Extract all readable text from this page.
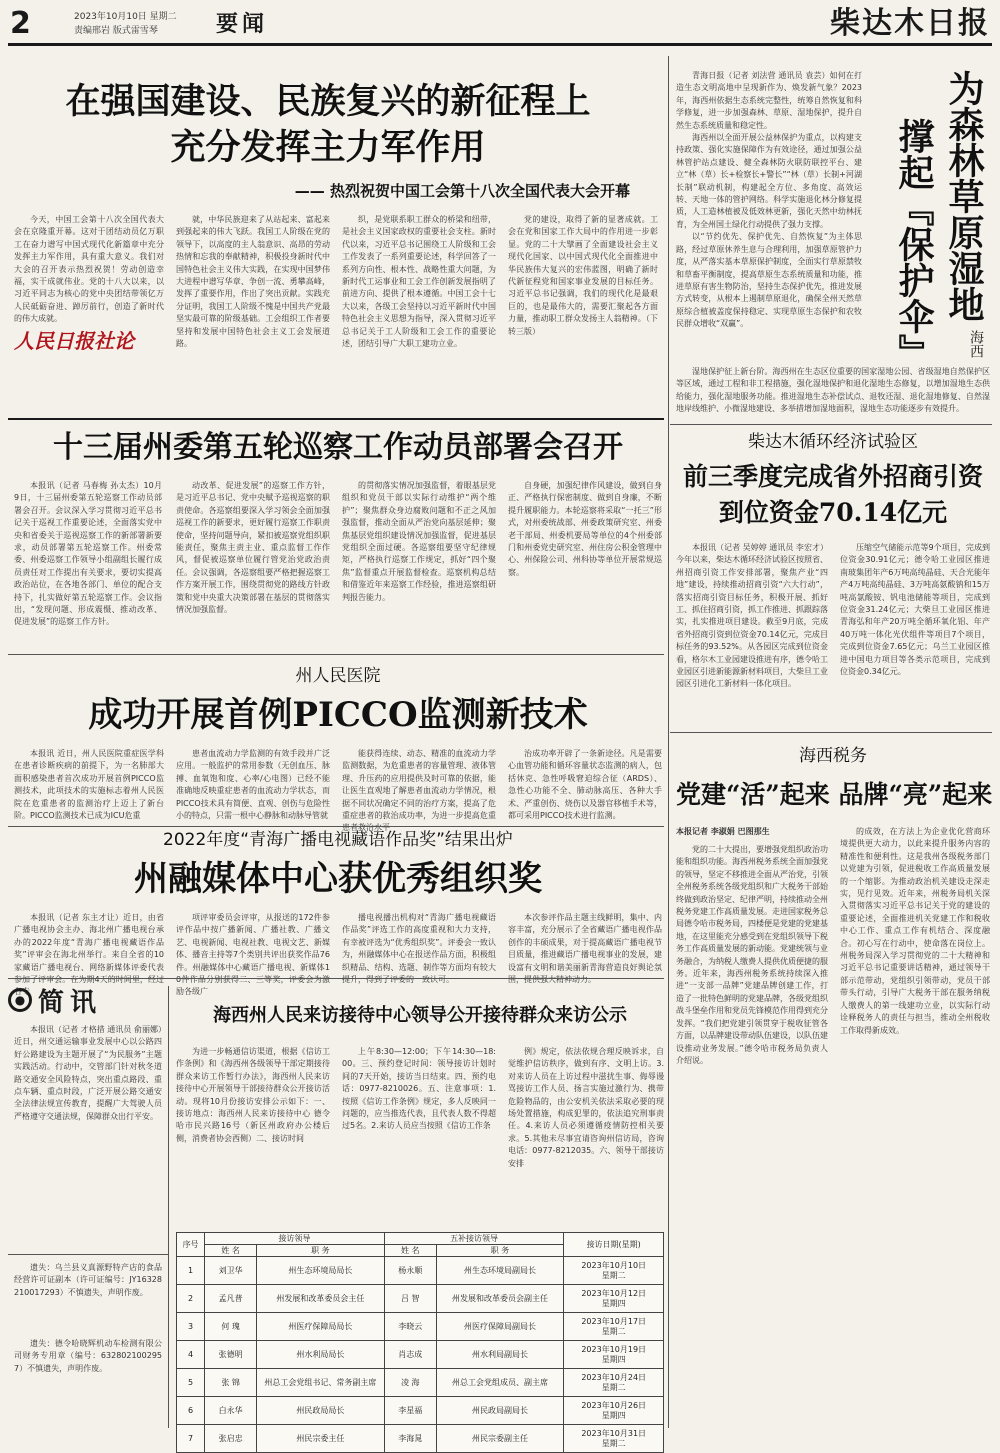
2	2023年10月10日 星期二
责编邢岩 版式雷雪琴	要闻	柴达木日报
在强国建设、民族复兴的新征程上
充分发挥主力军作用
—— 热烈祝贺中国工会第十八次全国代表大会开幕
今天，中国工会第十八次全国代表大会在京隆重开幕。这对于团结动员亿万职工在奋力谱写中国式现代化新篇章中充分发挥主力军作用，具有重大意义。我们对大会的召开表示热烈祝贺！劳动创造幸福，实干成就伟业。党的十八大以来，以习近平同志为核心的党中央团结带领亿万人民砥砺奋进、踔厉前行，创造了新时代的伟大成就。
人民日报社论
就，中华民族迎来了从站起来、富起来到强起来的伟大飞跃。我国工人阶级在党的领导下，以高度的主人翁意识、高昂的劳动热情和忘我的奉献精神，积极投身新时代中国特色社会主义伟大实践，在实现中国梦伟大进程中谱写华章、争创一流、勇攀高峰，发挥了重要作用，作出了突出贡献。实践充分证明，我国工人阶级不愧是中国共产党最坚实最可靠的阶级基础。工会组织工作者要坚持和发展中国特色社会主义工会发展道路。
织，是党联系职工群众的桥梁和纽带，是社会主义国家政权的重要社会支柱。新时代以来，习近平总书记围绕工人阶级和工会工作发表了一系列重要论述，科学回答了一系列方向性、根本性、战略性重大问题，为新时代工运事业和工会工作创新发展指明了前进方向、提供了根本遵循。中国工会十七大以来，各级工会坚持以习近平新时代中国特色社会主义思想为指导，深入贯彻习近平总书记关于工人阶级和工会工作的重要论述，团结引导广大职工建功立业。
党的建设，取得了新的显著成就。工会在党和国家工作大局中的作用进一步彰显。党的二十大擘画了全面建设社会主义现代化国家、以中国式现代化全面推进中华民族伟大复兴的宏伟蓝图，明确了新时代新征程党和国家事业发展的目标任务。习近平总书记强调，我们的现代化是最艰巨的，也是最伟大的，需要汇聚起各方面力量，推动职工群众发扬主人翁精神。（下转三版）
青海日报（记者 刘法营 通讯员 袁芸）如何在打造生态文明高地中呈现新作为、焕发新气象？2023年，海西州依据生态系统完整性，统筹自然恢复和科学修复，进一步加强森林、草原、湿地保护，提升自然生态系统质量和稳定性。
海西州以全面开展公益林保护为重点，以构建支持政策、强化实施保障作为有效途径，通过加强公益林管护站点建设、健全森林防火联防联控平台、建立“林（草）长+检察长+警长”“林（草）长制+河湖长制”联动机制，构建起全方位、多角度、高效运转、天地一体的管护网络。科学实施退化林分修复提质，人工造林植被及低效林更新，强化天然中幼林抚育，为全州国土绿化行动提供了强力支撑。
以“节约优先、保护优先、自然恢复”为主体思路，经过草原休养生息与合理利用，加强草原管护力度，从严落实基本草原保护制度，全面实行草原禁牧和草畜平衡制度，提高草原生态系统质量和功能，推进草原有害生物防治，坚持生态保护优先，推进发展方式转变，从根本上遏制草原退化，确保全州天然草原综合植被盖度保持稳定、实现草原生态保护和农牧民群众增收“双赢”。
为森林草原湿地
撑起『保护伞』 海西
湿地保护征上新台阶。海西州在生态区位重要的国家湿地公园、省级湿地自然保护区等区域，通过工程和非工程措施，强化湿地保护和退化湿地生态修复，以增加湿地生态供给能力，强化湿地服务功能。推进湿地生态补偿试点、退牧还湿、退化湿地修复、自然湿地岸线维护、小微湿地建设、多举措增加湿地面积，湿地生态功能逐步有效提升。
十三届州委第五轮巡察工作动员部署会召开
本报讯（记者 马春梅 孙太杰）10月9日，十三届州委第五轮巡察工作动员部署会召开。会议深入学习贯彻习近平总书记关于巡视工作重要论述，全面落实党中央和省委关于巡视巡察工作的新部署新要求，动员部署第五轮巡察工作。州委常委、州委巡察工作领导小组副组长履行成员责任对工作提出有关要求，要切实提高政治站位，在各地各部门、单位的配合支持下，扎实做好第五轮巡察工作。会议指出，“发现问题、形成震慑、推动改革、促进发展”的巡察工作方针。
动改革、促进发展”的巡察工作方针，是习近平总书记、党中央赋予巡视巡察的职责使命。各巡察组要深入学习领会全面加强巡视工作的新要求，更好履行巡察工作职责使命，坚持问题导向，紧扣被巡察党组织职能责任，聚焦主责主业、重点监督工作作风，督促被巡察单位履行管党治党政治责任。会议强调，各巡察组要严格把握巡察工作方案开展工作，围绕贯彻党的路线方针政策和党中央重大决策部署在基层的贯彻落实情况加强监督。
的贯彻落实情况加强监督，着眼基层党组织和党员干部以实际行动维护“两个维护”；聚焦群众身边腐败问题和不正之风加强监督，推动全面从严治党向基层延伸；聚焦基层党组织建设情况加强监督，促进基层党组织全面过硬。各巡察组要坚守纪律规矩，严格执行巡察工作规定，抓好“四个聚焦”监督重点开展监督检查。巡察机构总结和借鉴近年来巡察工作经验，推进巡察组研判报告能力。
自身硬，加强纪律作风建设，做到自身正、严格执行保密制度、做到自身廉，不断提升履职能力。本轮巡察将采取“一托三”形式，对州委统战部、州委政策研究室、州委老干部局、州委机要局等单位的4个州委部门和州委党史研究室、州住房公积金管理中心、州保险公司、州科协等单位开展常规巡察。
州人民医院
成功开展首例PICCO监测新技术
本报讯 近日，州人民医院重症医学科在患者诊断疾病的前提下，为一名肺部大面积感染患者首次成功开展首例PICCO监测技术，此项技术的实施标志着州人民医院在危重患者的监测治疗上迈上了新台阶。PICCO监测技术已成为ICU危重
患者血流动力学监测的有效手段并广泛应用。一般监护的常用参数（无创血压、脉搏、血氧饱和度、心率/心电图）已经不能准确地反映重症患者的血流动力学状态，而PICCO技术具有简便、直观、创伤与危险性小的特点，只需一根中心静脉和动脉导管就
能获得连续、动态、精准的血流动力学监测数据，为危重患者的容量管理、液体管理、升压药的应用提供及时可靠的依据，能让医生直观地了解患者血流动力学情况，根据不同状况确定不同的治疗方案，提高了危重症患者的救治成功率，为进一步提高危重患者救治水平
治成功率开辟了一条新途径。凡是需要心血管功能和循环容量状态监测的病人，包括休克、急性呼吸窘迫综合征（ARDS）、急性心功能不全、肺动脉高压、各种大手术、严重创伤、烧伤以及器官移植手术等，都可采用PICCO技术进行监测。
2022年度“青海广播电视藏语作品奖”结果出炉
州融媒体中心获优秀组织奖
本报讯（记者 东主才让）近日，由省广播电视协会主办、海北州广播电视台承办的2022年度“青海广播电视藏语作品奖”评审会在海北州举行。来自全省的10家藏语广播电视台、网络新媒体评委代表参加了评审会。在为期4天的时间里，经过各专
项评审委员会评审，从报送的172件参评作品中按广播新闻、广播社教、广播文艺、电视新闻、电视社教、电视文艺、新媒体、播音主持等7个类别共评出获奖作品76件。州融媒体中心藏语广播电视、新媒体10件作品分别获得二、三等奖，评委会为激励各级广
播电视播出机构对“青海广播电视藏语作品奖”评选工作的高度重视和大力支持，有幸被评选为“优秀组织奖”。评委会一致认为，州融媒体中心在报送作品方面，积极组织精品、结构、选题、制作等方面均有较大提升，得到了评委的一致认可。
本次参评作品主题主线鲜明，集中、内容丰富，充分展示了全省藏语广播电视作品创作的丰硕成果，对于提高藏语广播电视节目质量，推进藏语广播电视事业的发展，建设富有文明和谐美丽新青海营造良好舆论氛围，提供强大精神动力。
● 简讯
本报讯（记者 才格措 通讯员 俞丽娜）近日，州交通运输事业发展中心以公路四好公路建设为主题开展了“为民服务”主题实践活动。行动中，交管部门针对秋冬道路交通安全风险特点，突出重点路段、重点车辆、重点时段，广泛开展公路交通安全法律法规宣传教育，提醒广大驾驶人员严格遵守交通法规，保障群众出行平安。
遗失：乌兰县义真源野特产店的食品经营许可证副本（许可证编号：JY16328210017293）不慎遗失，声明作废。
遗失：德令哈晓辉机动车检测有限公司财务专用章（编号：6328021002957）不慎遗失，声明作废。
海西州人民来访接待中心领导公开接待群众来访公示
为进一步畅通信访渠道，根据《信访工作条例》和《海西州各级领导干部定期接待群众来访工作暂行办法》，海西州人民来访接待中心开展领导干部接待群众公开接访活动。现将10月份接访安排公示如下：一、接访地点：海西州人民来访接待中心 德令哈市民兴路16号（新区州政府办公楼后侧，消费者协会西侧）二、接访时间
上午8:30—12:00；下午14:30—18:00。三、预约登记时间：领导接访计划时间的7天开始，接访当日结束。四、预约电话：0977-8210026。五、注意事项：1.按照《信访工作条例》规定，多人反映同一问题的，应当推选代表，且代表人数不得超过5名。2.来访人员应当按照《信访工作条
例》规定，依法依规合理反映诉求，自觉维护信访秩序，做到有序、文明上访。3.对来访人员在上访过程中滋扰生事、侮辱谩骂接访工作人员、扬言实施过激行为、携带危险物品的，由公安机关依法采取必要的现场处置措施，构成犯罪的，依法追究刑事责任。4.来访人员必须遵循疫情防控相关要求。5.其他未尽事宜请咨询州信访局，咨询电话：0977-8212035。六、领导干部接访安排
序号	接访领导		五补接访领导		接访日期(星期)
	姓 名	职 务	姓 名	职 务	
1	刘卫华	州生态环境局局长	杨永顺	州生态环境局副局长	2023年10月10日
星期二

2	孟凡普	州发展和改革委员会主任	吕 智	州发展和改革委员会副主任	2023年10月12日
星期四

3	何 瑰	州医疗保障局局长	李晓云	州医疗保障局副局长	2023年10月17日
星期二

4	张德明	州水利局局长	肖志成	州水利局副局长	2023年10月19日
星期四

5	张 锦	州总工会党组书记、常务副主席	凌 海	州总工会党组成员、副主席	2023年10月24日
星期二

6	白永华	州民政局局长	李星福	州民政局副局长	2023年10月26日
星期四

7	张启忠	州民宗委主任	李海晁	州民宗委副主任	2023年10月31日
星期二
柴达木循环经济试验区
前三季度完成省外招商引资
到位资金70.14亿元
本报讯（记者 吴婷婷 通讯员 李宏才）今年以来，柴达木循环经济试验区按照省、州招商引资工作安排部署，聚焦产业“四地”建设，持续推动招商引资“六大行动”，落实招商引资目标任务，积极开展、抓好工、抓住招商引资，抓工作推进、抓跟踪落实，扎实推进项目建设。截至9月底，完成省外招商引资到位资金70.14亿元，完成目标任务的93.52%。从各园区完成到位资金看，格尔木工业园建设推进有序，德令哈工业园区引进新能源新材料项目，大柴旦工业园区引进化工新材料一体化项目。
压缩空气储能示范等9个项目，完成到位资金30.91亿元；德令哈工业园区推进南玻集团年产6万吨高纯晶硅、天合光能年产4万吨高纯晶硅、3万吨高氨酸钠和15万吨高氯酸铵、钒电池储能等项目，完成到位资金31.24亿元；大柴旦工业园区推进青海弘和年产20万吨全循环氧化铝、年产40万吨一体化光伏组件等项目7个项目，完成到位资金7.65亿元；乌兰工业园区推进中国电力项目等各类示范项目，完成到位资金0.34亿元。
海西税务
党建“活”起来 品牌“亮”起来
本报记者 李淑娟 巴图那生
党的二十大提出，要增强党组织政治功能和组织功能。海西州税务系统全面加强党的领导，坚定不移推进全面从严治党，引领全州税务系统各级党组织和广大税务干部始终做到政治坚定、纪律严明，持续推动全州税务党建工作高质量发展。走进国家税务总局德令哈市税务局，四楼便是党建的党建基地，在这里能充分感受到在党组织领导下税务工作高质量发展的新动能。党建统领与业务融合，为纳税人缴费人提供优质便捷的服务。近年来，海西州税务系统持续深入推进“一支部一品牌”党建品牌创建工作，打造了一批特色鲜明的党建品牌，各级党组织战斗堡垒作用和党员先锋模范作用得到充分发挥。“我们把党建引领贯穿于税收征管各方面，以品牌建设带动队伍建设，以队伍建设推动业务发展。”德令哈市税务局负责人介绍说。
的成效，在方法上为企业优化营商环境提供更大动力，以此来提升服务内容的精准性和便利性。这是我州各级税务部门以党建为引领，促进税收工作高质量发展的一个缩影。为推动政治机关建设走深走实，见行见效。近年来，州税务局机关深入贯彻落实习近平总书记关于党的建设的重要论述，全面推进机关党建工作和税收中心工作、重点工作有机结合、深度融合。初心写在行动中，使命落在岗位上。州税务局深入学习贯彻党的二十大精神和习近平总书记重要讲话精神，通过领导干部示范带动，党组织引领带动，党员干部带头行动，引导广大税务干部在服务纳税人缴费人的第一线建功立业，以实际行动诠释税务人的责任与担当，推动全州税收工作取得新成效。
